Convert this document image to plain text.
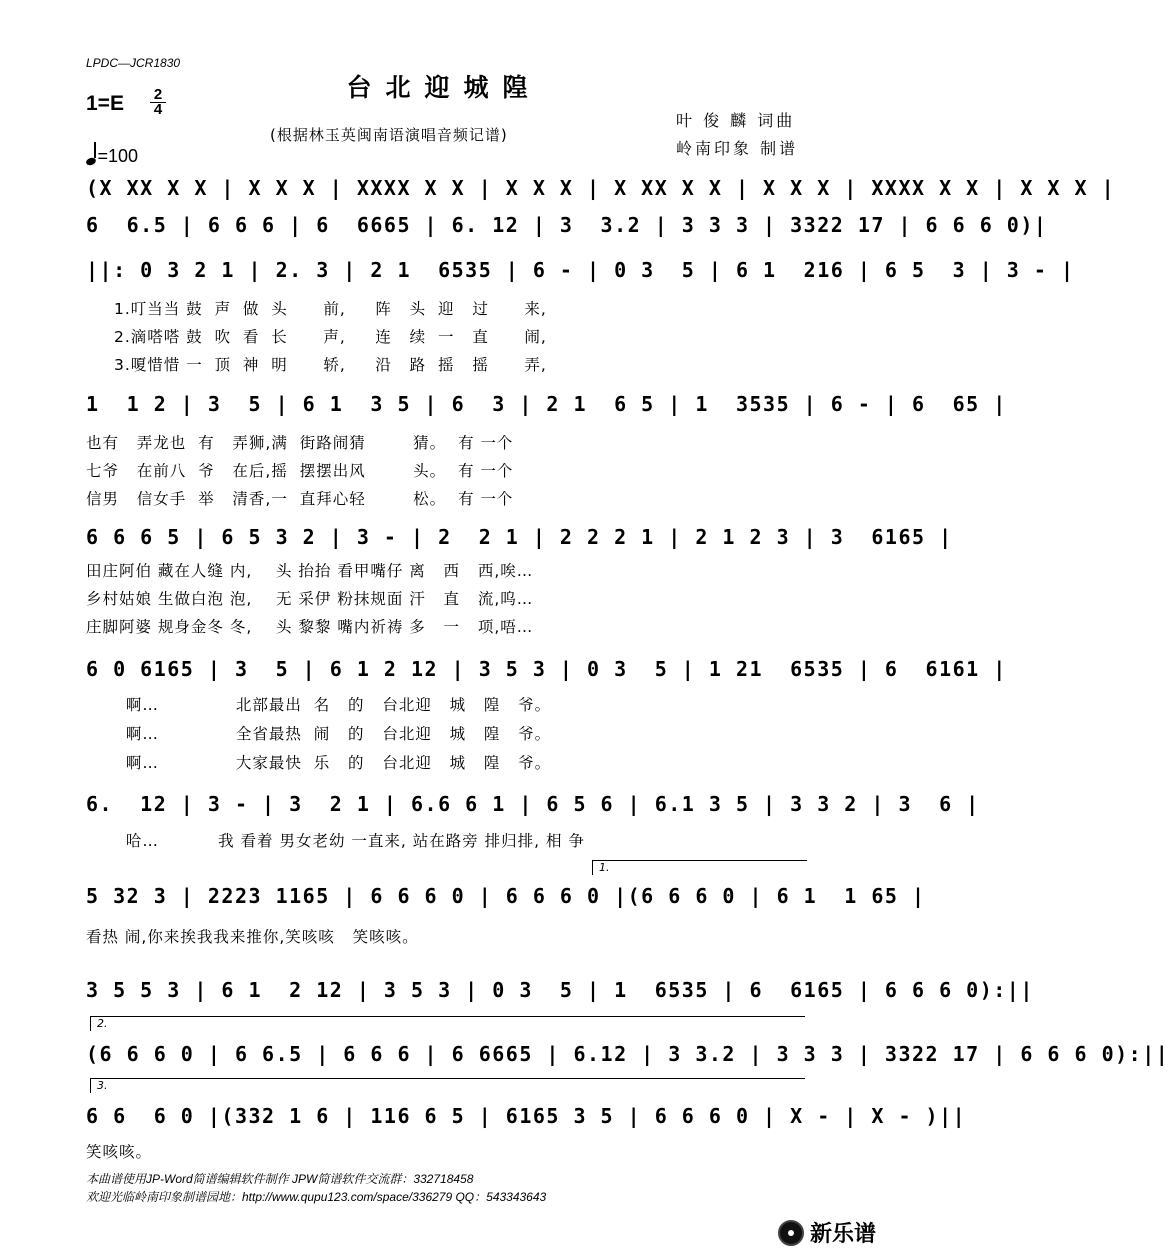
LPDC—JCR1830
台北迎城隍
(根据林玉英闽南语演唱音频记谱)
1=E 2
4
=100
叶 俊 麟 词曲
岭南印象 制谱
(X XX X X | X X X | XXXX X X | X X X | X XX X X | X X X | XXXX X X | X X X |
6  6.5 | 6 6 6 | 6  6665 | 6. 12 | 3  3.2 | 3 3 3 | 3322 17 | 6 6 6 0)|
||: 0 3 2 1 | 2. 3 | 2 1  6535 | 6 - | 0 3  5 | 6 1  216 | 6 5  3 | 3 - |
1.叮当当 鼓  声  做  头      前,     阵   头  迎   过      来,
2.滴嗒嗒 鼓  吹  看  长      声,     连   续  一   直      闹,
3.嗄惜惜 一  顶  神  明      轿,     沿   路  摇   摇      弄,
1  1 2 | 3  5 | 6 1  3 5 | 6  3 | 2 1  6 5 | 1  3535 | 6 - | 6  65 |
也有   弄龙也  有   弄狮,满  街路闹猜        猜。  有 一个
七爷   在前八  爷   在后,摇  摆摆出风        头。  有 一个
信男   信女手  举   清香,一  直拜心轻        松。  有 一个
6 6 6 5 | 6 5 3 2 | 3 - | 2  2 1 | 2 2 2 1 | 2 1 2 3 | 3  6165 |
田庄阿伯 藏在人缝 内,    头 抬抬 看甲嘴仔 离   西   西,唉…
乡村姑娘 生做白泡 泡,    无 采伊 粉抹规面 汗   直   流,呜…
庄脚阿婆 规身金冬 冬,    头 黎黎 嘴内祈祷 多   一   项,唔…
6 0 6165 | 3  5 | 6 1 2 12 | 3 5 3 | 0 3  5 | 1 21  6535 | 6  6161 |
啊…             北部最出  名   的   台北迎   城   隍   爷。
啊…             全省最热  闹   的   台北迎   城   隍   爷。
啊…             大家最快  乐   的   台北迎   城   隍   爷。
6.  12 | 3 - | 3  2 1 | 6.6 6 1 | 6 5 6 | 6.1 3 5 | 3 3 2 | 3  6 |
哈…          我 看着 男女老幼 一直来, 站在路旁 排归排, 相 争
1.
5 32 3 | 2223 1165 | 6 6 6 0 | 6 6 6 0 |(6 6 6 0 | 6 1  1 65 |
看热 闹,你来挨我我来推你,笑咳咳   笑咳咳。
3 5 5 3 | 6 1  2 12 | 3 5 3 | 0 3  5 | 1  6535 | 6  6165 | 6 6 6 0):||
2.
(6 6 6 0 | 6 6.5 | 6 6 6 | 6 6665 | 6.12 | 3 3.2 | 3 3 3 | 3322 17 | 6 6 6 0):||
3.
6 6  6 0 |(332 1 6 | 116 6 5 | 6165 3 5 | 6 6 6 0 | X - | X - )||
笑咳咳。
本曲谱使用JP-Word简谱编辑软件制作 JPW简谱软件交流群：332718458
欢迎光临岭南印象制谱园地：http://www.qupu123.com/space/336279 QQ：543343643
新乐谱
